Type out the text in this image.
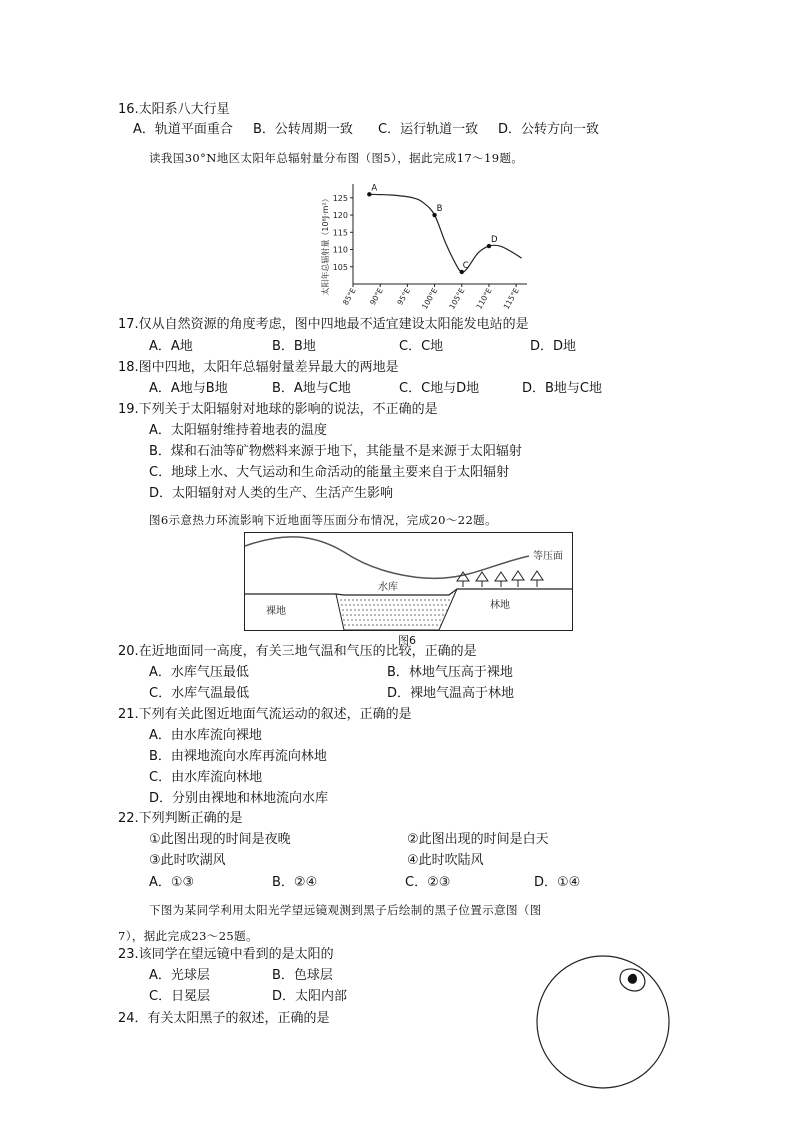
16.太阳系八大行星
A．轨道平面重合 B．公转周期一致 C．运行轨道一致 D．公转方向一致
读我国30°N地区太阳年总辐射量分布图（图5），据此完成17～19题。
太阳年总辐射量（10⁸J·m²） 105
110
115
120
125
85°E 90°E 95°E 100°E 105°E 110°E 115°E
A
B
C
D
17.仅从自然资源的角度考虑，图中四地最不适宜建设太阳能发电站的是
A．A地	B．B地	C．C地	D．D地
18.图中四地，太阳年总辐射量差异最大的两地是
A．A地与B地	B．A地与C地	C．C地与D地	D．B地与C地
19.下列关于太阳辐射对地球的影响的说法，不正确的是
A．太阳辐射维持着地表的温度
B．煤和石油等矿物燃料来源于地下，其能量不是来源于太阳辐射
C．地球上水、大气运动和生命活动的能量主要来自于太阳辐射
D．太阳辐射对人类的生产、生活产生影响
图6示意热力环流影响下近地面等压面分布情况，完成20～22题。
等压面
水库
裸地
林地
图6
20.在近地面同一高度，有关三地气温和气压的比较，正确的是
A．水库气压最低	B．林地气压高于裸地
C．水库气温最低	D．裸地气温高于林地
21.下列有关此图近地面气流运动的叙述，正确的是
A．由水库流向裸地
B．由裸地流向水库再流向林地
C．由水库流向林地
D．分别由裸地和林地流向水库
22.下列判断正确的是
①此图出现的时间是夜晚	②此图出现的时间是白天
③此时吹湖风	④此时吹陆风
A．①③	B．②④	C．②③	D．①④
下图为某同学利用太阳光学望远镜观测到黑子后绘制的黑子位置示意图（图
7），据此完成23～25题。
23.该同学在望远镜中看到的是太阳的
A．光球层	B．色球层
C．日冕层	D．太阳内部
24．有关太阳黑子的叙述，正确的是
